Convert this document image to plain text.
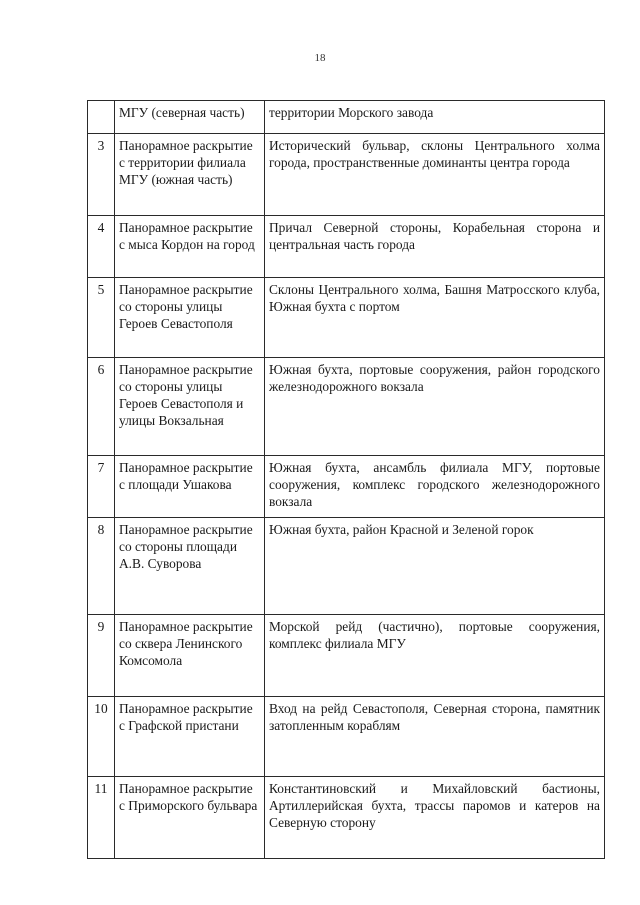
18
	МГУ (северная часть)	территории Морского завода
3	Панорамное раскрытие с территории филиала МГУ (южная часть)	Исторический бульвар, склоны Центрального холма города, пространственные доминанты центра города
4	Панорамное раскрытие с мыса Кордон на город	Причал Северной стороны, Корабельная сторона и центральная часть города
5	Панорамное раскрытие со стороны улицы Героев Севастополя	Склоны Центрального холма, Башня Матросского клуба, Южная бухта с портом
6	Панорамное раскрытие со стороны улицы Героев Севастополя и улицы Вокзальная	Южная бухта, портовые сооружения, район городского железнодорожного вокзала
7	Панорамное раскрытие с площади Ушакова	Южная бухта, ансамбль филиала МГУ, портовые сооружения, комплекс городского железнодорожного вокзала
8	Панорамное раскрытие со стороны площади А.В. Суворова	Южная бухта, район Красной и Зеленой горок
9	Панорамное раскрытие со сквера Ленинского Комсомола	Морской рейд (частично), портовые сооружения, комплекс филиала МГУ
10	Панорамное раскрытие с Графской пристани	Вход на рейд Севастополя, Северная сторона, памятник затопленным кораблям
11	Панорамное раскрытие с Приморского бульвара	Константиновский и Михайловский бастионы, Артиллерийская бухта, трассы паромов и катеров на Северную сторону
